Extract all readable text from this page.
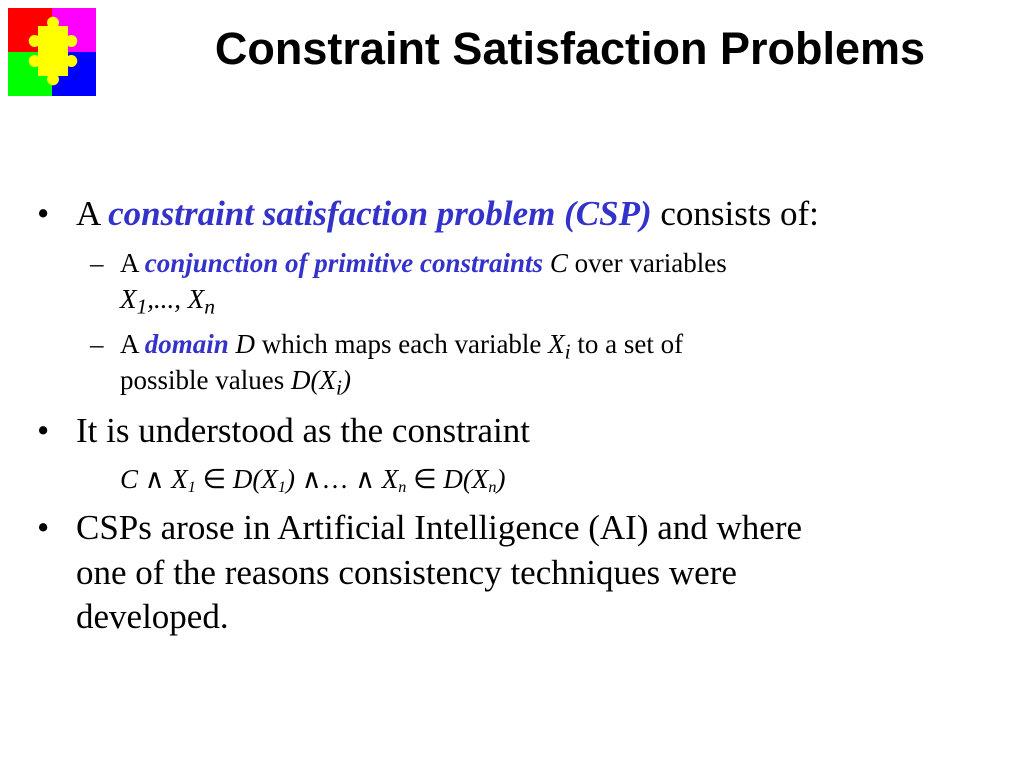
Constraint Satisfaction Problems
• A constraint satisfaction problem (CSP) consists of:
– A conjunction of primitive constraints C over variables
$X_1$,..., $X_n$
– A domain D which maps each variable $X_i$ to a set of
possible values $D(X_i)$
• It is understood as the constraint
C ∧ X1 ∈ D(X1) ∧… ∧ Xn ∈ D(Xn)
• CSPs arose in Artificial Intelligence (AI) and where
one of the reasons consistency techniques were
developed.
